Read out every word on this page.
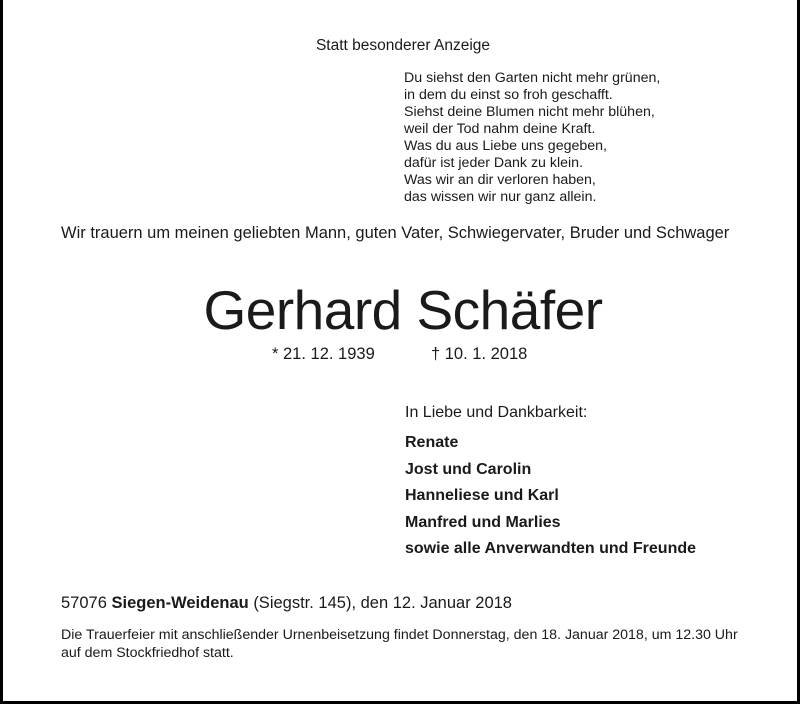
Statt besonderer Anzeige
Du siehst den Garten nicht mehr grünen,
in dem du einst so froh geschafft.
Siehst deine Blumen nicht mehr blühen,
weil der Tod nahm deine Kraft.
Was du aus Liebe uns gegeben,
dafür ist jeder Dank zu klein.
Was wir an dir verloren haben,
das wissen wir nur ganz allein.
Wir trauern um meinen geliebten Mann, guten Vater, Schwiegervater, Bruder und Schwager
Gerhard Schäfer
* 21. 12. 1939	† 10. 1. 2018
In Liebe und Dankbarkeit:
Renate
Jost und Carolin
Hanneliese und Karl
Manfred und Marlies
sowie alle Anverwandten und Freunde
57076 Siegen-Weidenau (Siegstr. 145), den 12. Januar 2018
Die Trauerfeier mit anschließender Urnenbeisetzung findet Donnerstag, den 18. Januar 2018, um 12.30 Uhr auf dem Stockfriedhof statt.
